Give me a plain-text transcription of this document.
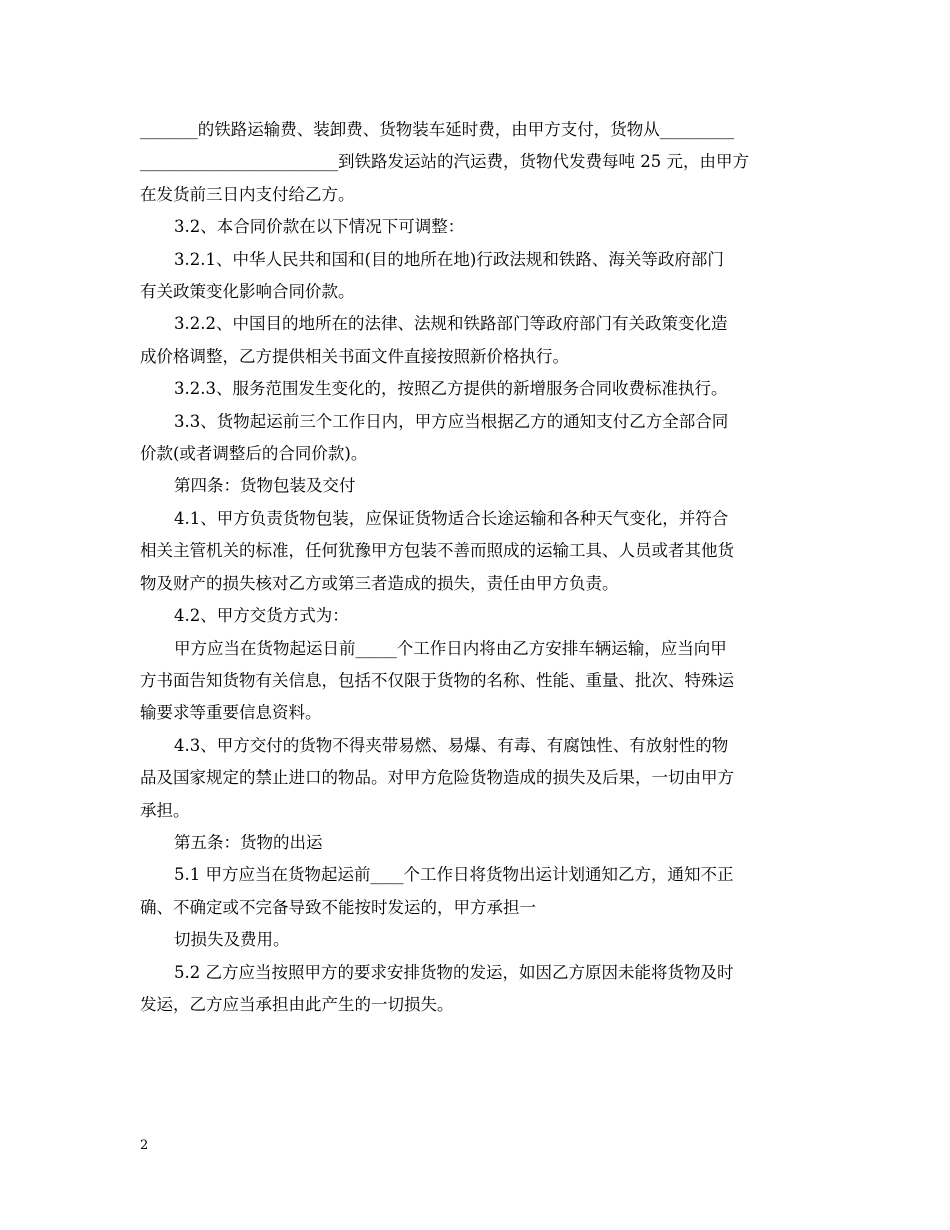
_______的铁路运输费、装卸费、货物装车延时费，由甲方支付，货物从_________

________________________到铁路发运站的汽运费，货物代发费每吨 25 元，由甲方

在发货前三日内支付给乙方。

3.2、本合同价款在以下情况下可调整：

3.2.1、中华人民共和国和(目的地所在地)行政法规和铁路、海关等政府部门

有关政策变化影响合同价款。

3.2.2、中国目的地所在的法律、法规和铁路部门等政府部门有关政策变化造

成价格调整，乙方提供相关书面文件直接按照新价格执行。

3.2.3、服务范围发生变化的，按照乙方提供的新增服务合同收费标准执行。

3.3、货物起运前三个工作日内，甲方应当根据乙方的通知支付乙方全部合同

价款(或者调整后的合同价款)。

第四条：货物包装及交付

4.1、甲方负责货物包装，应保证货物适合长途运输和各种天气变化，并符合

相关主管机关的标准，任何犹豫甲方包装不善而照成的运输工具、人员或者其他货

物及财产的损失核对乙方或第三者造成的损失，责任由甲方负责。

4.2、甲方交货方式为：

甲方应当在货物起运日前_____个工作日内将由乙方安排车辆运输，应当向甲

方书面告知货物有关信息，包括不仅限于货物的名称、性能、重量、批次、特殊运

输要求等重要信息资料。

4.3、甲方交付的货物不得夹带易燃、易爆、有毒、有腐蚀性、有放射性的物

品及国家规定的禁止进口的物品。对甲方危险货物造成的损失及后果，一切由甲方

承担。

第五条：货物的出运

5.1 甲方应当在货物起运前____个工作日将货物出运计划通知乙方，通知不正

确、不确定或不完备导致不能按时发运的，甲方承担一

切损失及费用。

5.2 乙方应当按照甲方的要求安排货物的发运，如因乙方原因未能将货物及时

发运，乙方应当承担由此产生的一切损失。

2
